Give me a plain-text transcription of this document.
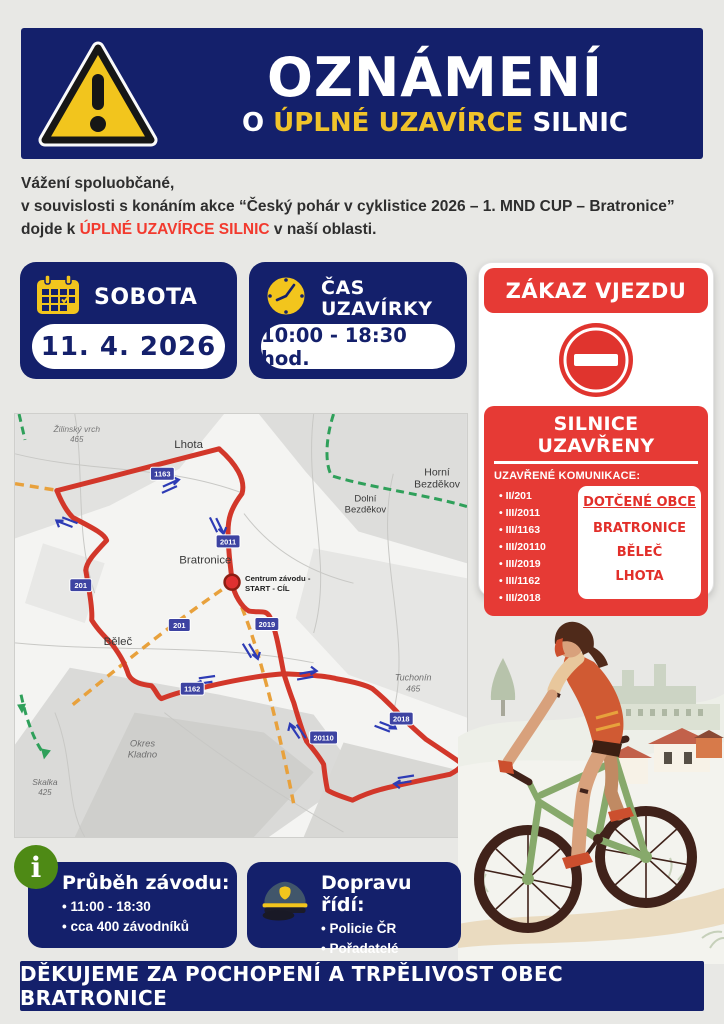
OZNÁMENÍ
O ÚPLNÉ UZAVÍRCE SILNIC
Vážení spoluobčané,
v souvislosti s konáním akce “Český pohár v cyklistice 2026 – 1. MND CUP – Bratronice”
dojde k ÚPLNÉ UZAVÍRCE SILNIC v naší oblasti.
SOBOTA
11. 4. 2026
ČAS
UZAVÍRKY
10:00 - 18:30 hod.
ZÁKAZ VJEZDU
SILNICE UZAVŘENY
UZAVŘENÉ KOMUNIKACE:
• II/201
• III/2011
• III/1163
• III/20110
• III/2019
• III/1162
• III/2018
DOTČENÉ OBCE
BRATRONICE
BĚLEČ
LHOTA
1163
2011
201
201
1162
2019
20110
2018
Žilinský vrch
465	Lhota
Horní
Bezděkov
Dolní
Bezděkov
Bratronice
Běleč
Okres
Kladno
Tuchonín
465
Skalka
425
Centrum závodu -
START - CÍL
i	Průběh závodu:
• 11:00 - 18:30
• cca 400 závodníků
Dopravu řídí:
• Policie ČR
• Pořadatelé
DĚKUJEME ZA POCHOPENÍ A TRPĚLIVOST OBEC BRATRONICE
